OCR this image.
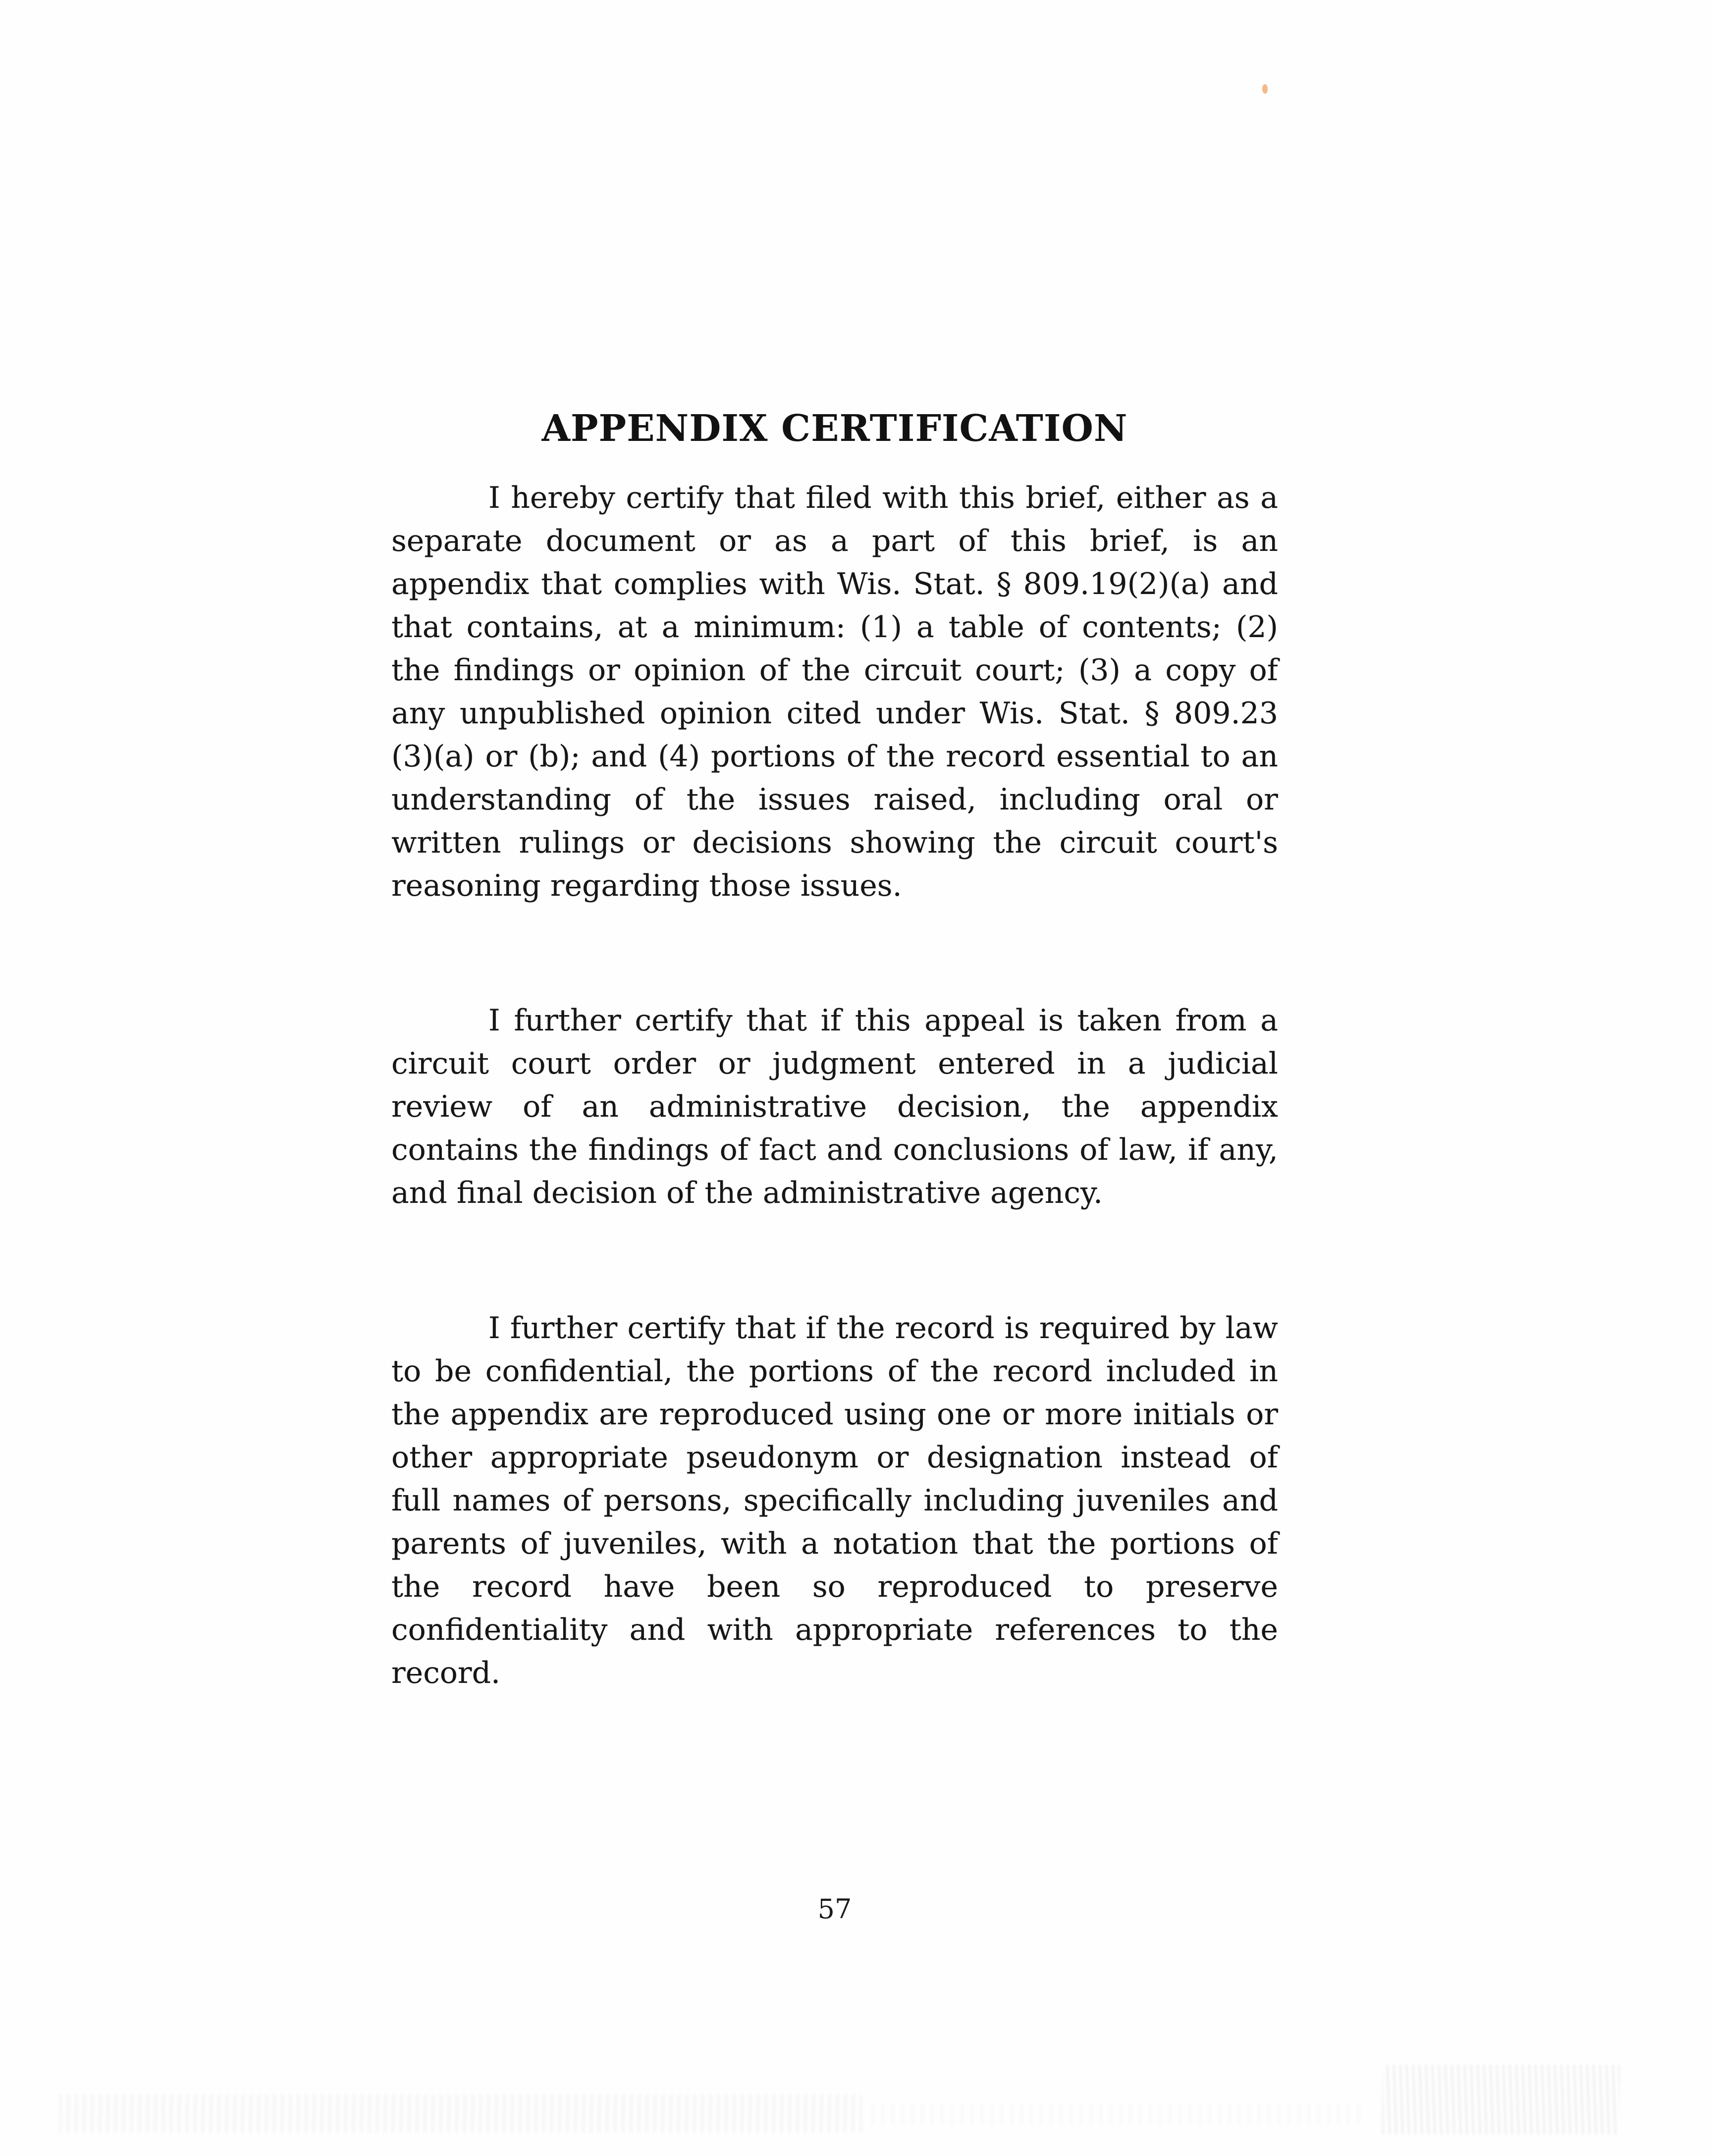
APPENDIX CERTIFICATION

I hereby certify that filed with this brief, either as a separate document or as a part of this brief, is an appendix that complies with Wis. Stat. § 809.19(2)(a) and that contains, at a minimum: (1) a table of contents; (2) the findings or opinion of the circuit court; (3) a copy of any unpublished opinion cited under Wis. Stat. § 809.23 (3)(a) or (b); and (4) portions of the record essential to an understanding of the issues raised, including oral or written rulings or decisions showing the circuit court's reasoning regarding those issues.

I further certify that if this appeal is taken from a circuit court order or judgment entered in a judicial review of an administrative decision, the appendix contains the findings of fact and conclusions of law, if any, and final decision of the administrative agency.

I further certify that if the record is required by law to be confidential, the portions of the record included in the appendix are reproduced using one or more initials or other appropriate pseudonym or designation instead of full names of persons, specifically including juveniles and parents of juveniles, with a notation that the portions of the record have been so reproduced to preserve confidentiality and with appropriate references to the record.

57
